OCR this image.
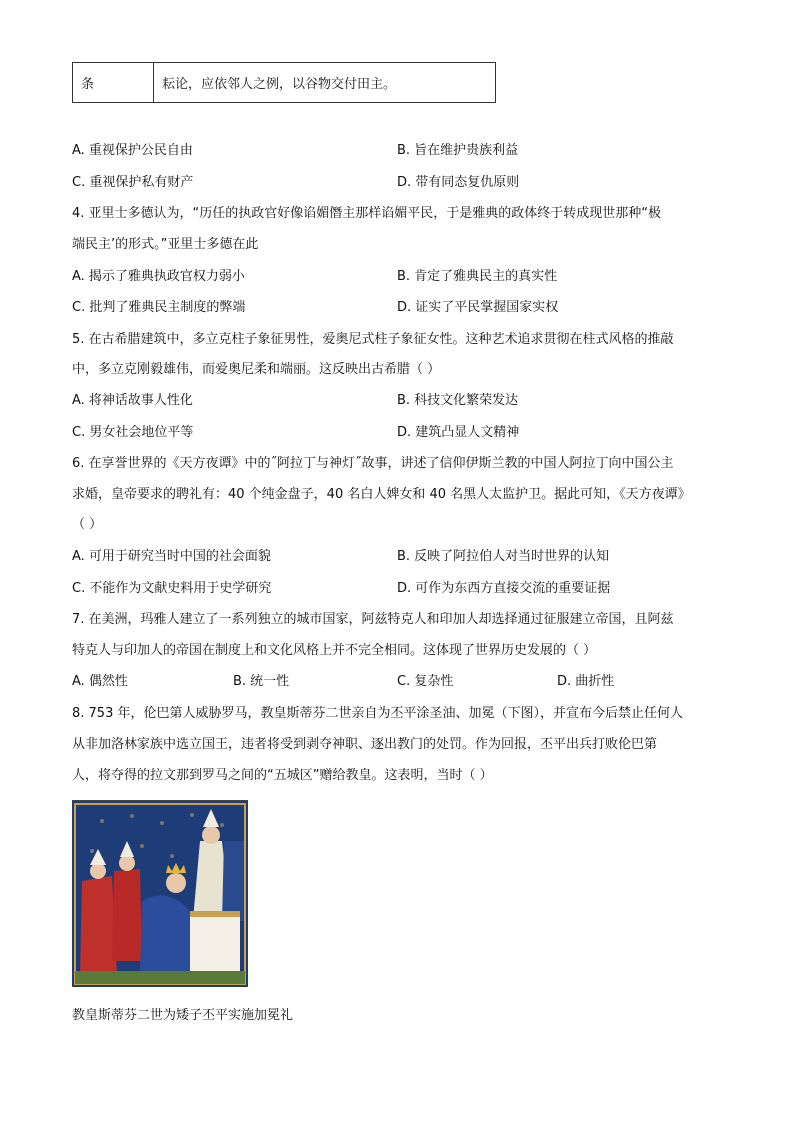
条	耘论，应依邻人之例，以谷物交付田主。
A. 重视保护公民自由	B. 旨在维护贵族利益
C. 重视保护私有财产	D. 带有同态复仇原则
4. 亚里士多德认为，“历任的执政官好像谄媚僭主那样谄媚平民，于是雅典的政体终于转成现世那种“极
端民主’的形式。”亚里士多德在此
A. 揭示了雅典执政官权力弱小	B. 肯定了雅典民主的真实性
C. 批判了雅典民主制度的弊端	D. 证实了平民掌握国家实权
5. 在古希腊建筑中，多立克柱子象征男性，爱奥尼式柱子象征女性。这种艺术追求贯彻在柱式风格的推敲
中，多立克刚毅雄伟，而爱奥尼柔和端丽。这反映出古希腊（ ）
A. 将神话故事人性化	B. 科技文化繁荣发达
C. 男女社会地位平等	D. 建筑凸显人文精神
6. 在享誉世界的《天方夜谭》中的˝阿拉丁与神灯˝故事，讲述了信仰伊斯兰教的中国人阿拉丁向中国公主
求婚，皇帝要求的聘礼有：40 个纯金盘子，40 名白人婢女和 40 名黑人太监护卫。据此可知，《天方夜谭》
（ ）
A. 可用于研究当时中国的社会面貌	B. 反映了阿拉伯人对当时世界的认知
C. 不能作为文献史料用于史学研究	D. 可作为东西方直接交流的重要证据
7. 在美洲，玛雅人建立了一系列独立的城市国家，阿兹特克人和印加人却选择通过征服建立帝国，且阿兹
特克人与印加人的帝国在制度上和文化风格上并不完全相同。这体现了世界历史发展的（ ）
A. 偶然性	B. 统一性	C. 复杂性	D. 曲折性
8. 753 年，伦巴第人威胁罗马，教皇斯蒂芬二世亲自为丕平涂圣油、加冕（下图），并宣布今后禁止任何人
从非加洛林家族中选立国王，违者将受到剥夺神职、逐出教门的处罚。作为回报，丕平出兵打败伦巴第
人，将夺得的拉文那到罗马之间的“五城区”赠给教皇。这表明，当时（ ）
教皇斯蒂芬二世为矮子丕平实施加冕礼
